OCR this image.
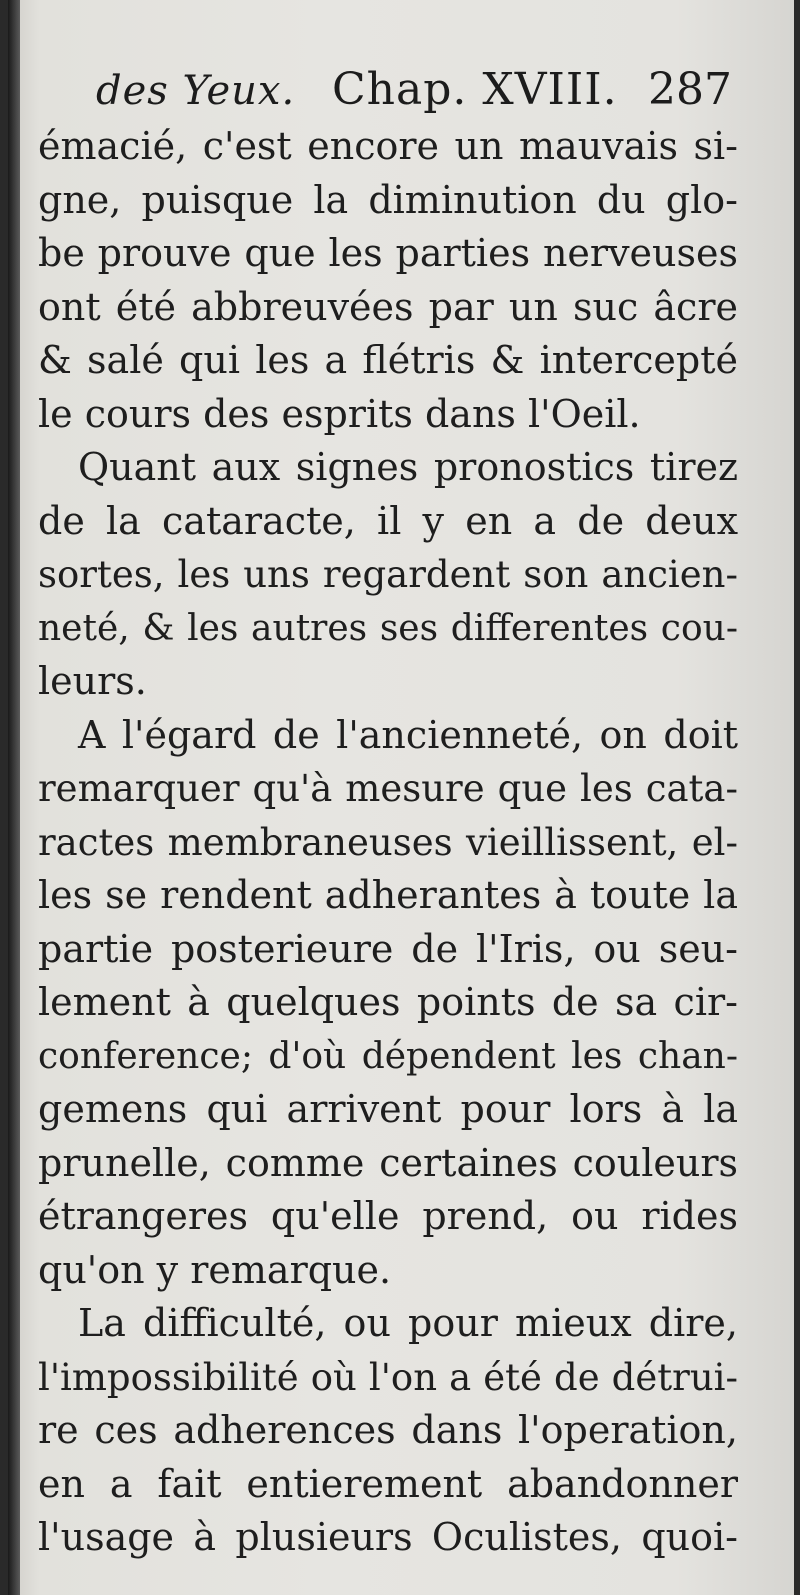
des Yeux. Chap. XVIII. 287
émacié, c'est encore un mauvais si-
gne, puisque la diminution du glo-
be prouve que les parties nerveuses
ont été abbreuvées par un suc âcre
& salé qui les a flétris & intercepté
le cours des esprits dans l'Oeil.
Quant aux signes pronostics tirez
de la cataracte, il y en a de deux
sortes, les uns regardent son ancien-
neté, & les autres ses differentes cou-
leurs.
A l'égard de l'ancienneté, on doit
remarquer qu'à mesure que les cata-
ractes membraneuses vieillissent, el-
les se rendent adherantes à toute la
partie posterieure de l'Iris, ou seu-
lement à quelques points de sa cir-
conference; d'où dépendent les chan-
gemens qui arrivent pour lors à la
prunelle, comme certaines couleurs
étrangeres qu'elle prend, ou rides
qu'on y remarque.
La difficulté, ou pour mieux dire,
l'impossibilité où l'on a été de détrui-
re ces adherences dans l'operation,
en a fait entierement abandonner
l'usage à plusieurs Oculistes, quoi-
